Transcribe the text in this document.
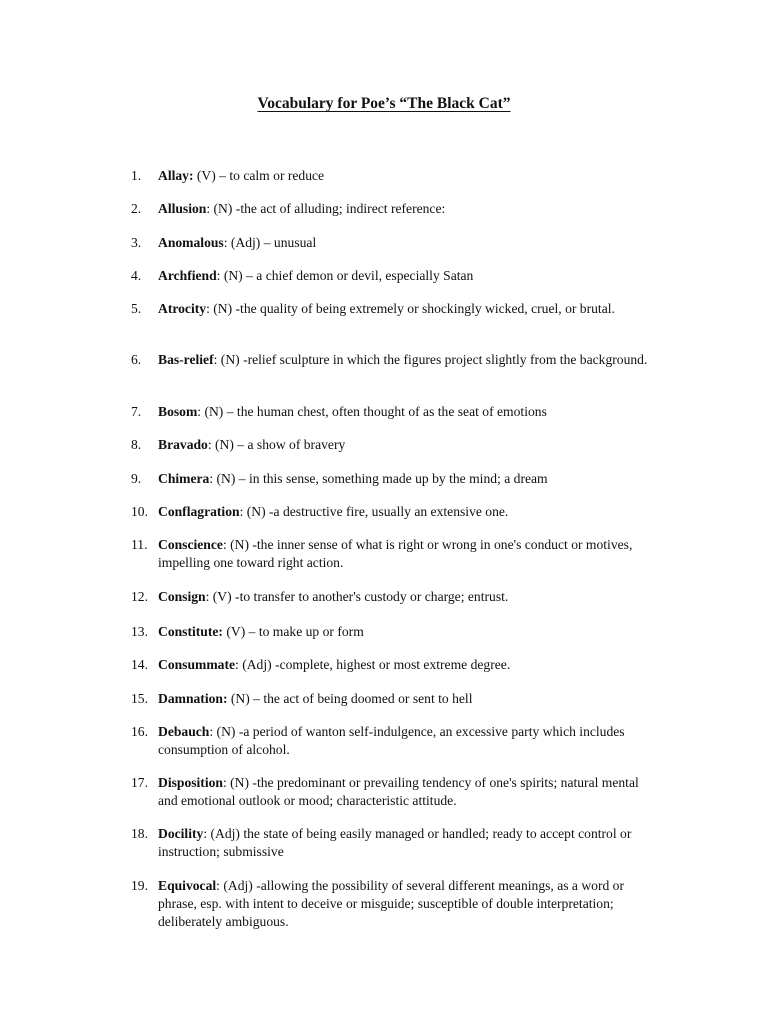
Vocabulary for Poe’s “The Black Cat”
1.	Allay: (V) – to calm or reduce
2.	Allusion: (N) -the act of alluding; indirect reference:
3.	Anomalous: (Adj) – unusual
4.	Archfiend: (N) – a chief demon or devil, especially Satan
5.	Atrocity: (N) -the quality of being extremely or shockingly wicked, cruel, or brutal.
6.	Bas-relief: (N) -relief sculpture in which the figures project slightly from the background.
7.	Bosom: (N) – the human chest, often thought of as the seat of emotions
8.	Bravado: (N) – a show of bravery
9.	Chimera: (N) – in this sense, something made up by the mind; a dream
10. Conflagration: (N) -a destructive fire, usually an extensive one.
11. Conscience: (N) -the inner sense of what is right or wrong in one's conduct or motives, impelling one toward right action.
12. Consign: (V) -to transfer to another's custody or charge; entrust.
13. Constitute: (V) – to make up or form
14. Consummate: (Adj) -complete, highest or most extreme degree.
15. Damnation: (N) – the act of being doomed or sent to hell
16. Debauch: (N) -a period of wanton self-indulgence, an excessive party which includes consumption of alcohol.
17. Disposition: (N) -the predominant or prevailing tendency of one's spirits; natural mental and emotional outlook or mood; characteristic attitude.
18. Docility: (Adj) the state of being easily managed or handled; ready to accept control or instruction; submissive
19. Equivocal: (Adj) -allowing the possibility of several different meanings, as a word or phrase, esp. with intent to deceive or misguide; susceptible of double interpretation; deliberately ambiguous.
